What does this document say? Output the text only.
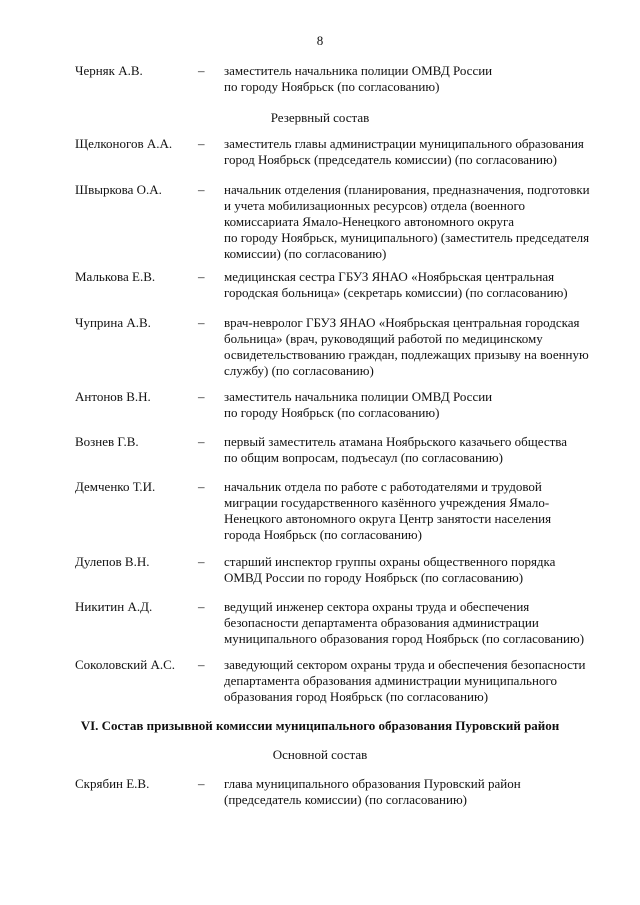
8
Черняк А.В.	– заместитель начальника полиции ОМВД России
по городу Ноябрьск (по согласованию)
Резервный состав
Щелконогов А.А. – заместитель главы администрации муниципального образования
город Ноябрьск (председатель комиссии) (по согласованию)
Швыркова О.А.	– начальник отделения (планирования, предназначения, подготовки
и учета мобилизационных ресурсов) отдела (военного
комиссариата Ямало-Ненецкого автономного округа
по городу Ноябрьск, муниципального) (заместитель председателя
комиссии) (по согласованию)
Малькова Е.В.	– медицинская сестра ГБУЗ ЯНАО «Ноябрьская центральная
городская больница» (секретарь комиссии) (по согласованию)
Чуприна А.В.	– врач-невролог ГБУЗ ЯНАО «Ноябрьская центральная городская
больница» (врач, руководящий работой по медицинскому
освидетельствованию граждан, подлежащих призыву на военную
службу) (по согласованию)
Антонов В.Н.	– заместитель начальника полиции ОМВД России
по городу Ноябрьск (по согласованию)
Вознев Г.В.	– первый заместитель атамана Ноябрьского казачьего общества
по общим вопросам, подъесаул (по согласованию)
Демченко Т.И.	– начальник отдела по работе с работодателями и трудовой
миграции государственного казённого учреждения Ямало-
Ненецкого автономного округа Центр занятости населения
города Ноябрьск (по согласованию)
Дулепов В.Н.	– старший инспектор группы охраны общественного порядка
ОМВД России по городу Ноябрьск (по согласованию)
Никитин А.Д.	– ведущий инженер сектора охраны труда и обеспечения
безопасности департамента образования администрации
муниципального образования город Ноябрьск (по согласованию)
Соколовский А.С. – заведующий сектором охраны труда и обеспечения безопасности
департамента образования администрации муниципального
образования город Ноябрьск (по согласованию)
VI. Состав призывной комиссии муниципального образования Пуровский район
Основной состав
Скрябин Е.В.	– глава муниципального образования Пуровский район
(председатель комиссии) (по согласованию)
